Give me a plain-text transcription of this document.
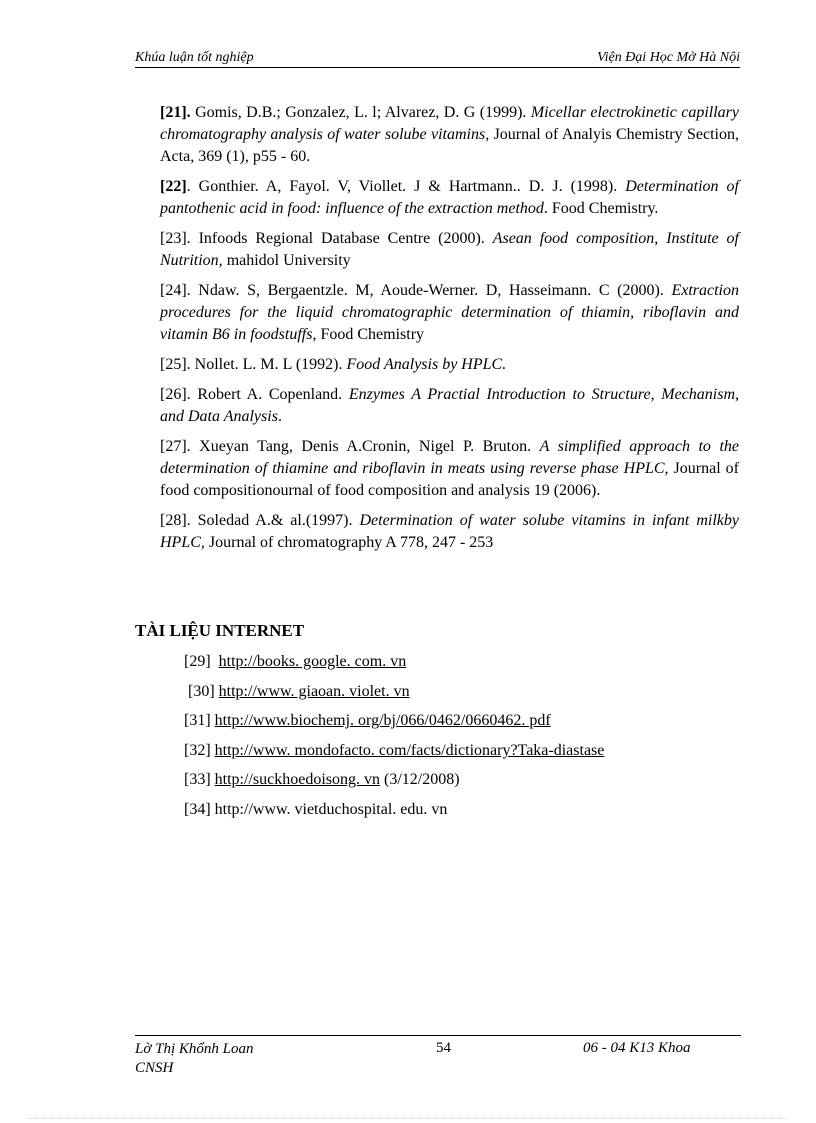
Khúa luận tốt nghiệp	Viện Đại Học Mở Hà Nội

[21]. Gomis, D.B.; Gonzalez, L. l; Alvarez, D. G (1999). Micellar electrokinetic capillary chromatography analysis of water solube vitamins, Journal of Analyis Chemistry Section, Acta, 369 (1), p55 - 60.

[22]. Gonthier. A, Fayol. V, Viollet. J & Hartmann.. D. J. (1998). Determination of pantothenic acid in food: influence of the extraction method. Food Chemistry.

[23]. Infoods Regional Database Centre (2000). Asean food composition, Institute of Nutrition, mahidol University

[24]. Ndaw. S, Bergaentzle. M, Aoude-Werner. D, Hasseimann. C (2000). Extraction procedures for the liquid chromatographic determination of thiamin, riboflavin and vitamin B6 in foodstuffs, Food Chemistry

[25]. Nollet. L. M. L (1992). Food Analysis by HPLC.

[26]. Robert A. Copenland. Enzymes A Practial Introduction to Structure, Mechanism, and Data Analysis.

[27]. Xueyan Tang, Denis A.Cronin, Nigel P. Bruton. A simplified approach to the determination of thiamine and riboflavin in meats using reverse phase HPLC, Journal of food compositionournal of food composition and analysis 19 (2006).

[28]. Soledad A.& al.(1997). Determination of water solube vitamins in infant milkby HPLC, Journal of chromatography A 778, 247 - 253

TÀI LIỆU INTERNET
[29]  http://books. google. com. vn
[30] http://www. giaoan. violet. vn
[31] http://www.biochemj. org/bj/066/0462/0660462. pdf
[32] http://www. mondofacto. com/facts/dictionary?Taka-diastase
[33] http://suckhoedoisong. vn (3/12/2008)
[34] http://www. vietduchospital. edu. vn
Lờ Thị Khổnh Loan
CNSH
54	06 - 04 K13 Khoa
